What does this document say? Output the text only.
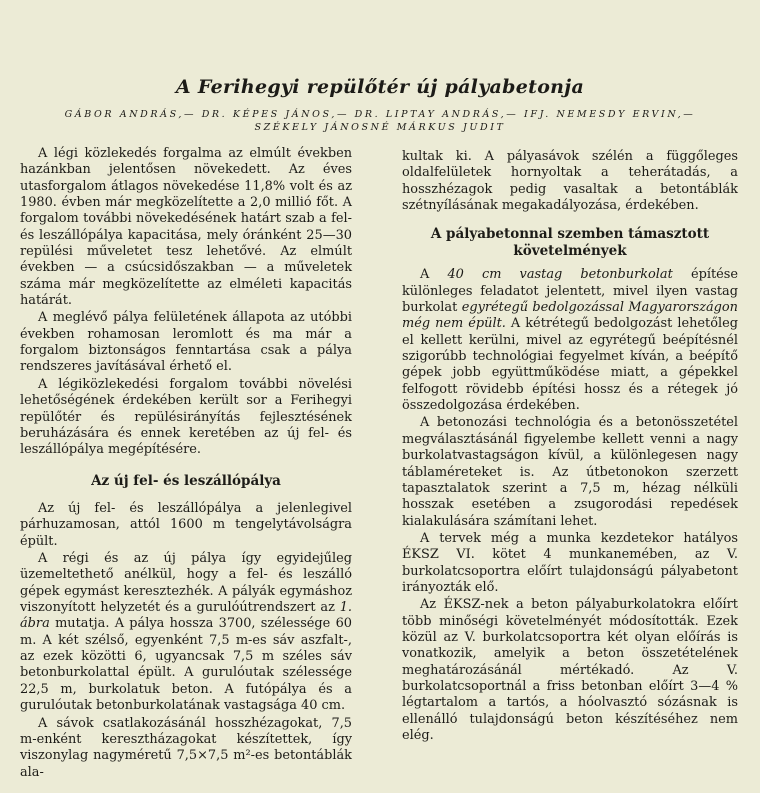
A Ferihegyi repülőtér új pályabetonja
GÁBOR ANDRÁS,— DR. KÉPES JÁNOS,— DR. LIPTAY ANDRÁS,— IFJ. NEMESDY ERVIN,—
SZÉKELY JÁNOSNÉ MÁRKUS JUDIT

A légi közlekedés forgalma az elmúlt években hazánkban jelentősen növekedett. Az éves utasforgalom átlagos növekedése 11,8% volt és az 1980. évben már megközelítette a 2,0 millió főt. A forgalom további növekedésének határt szab a fel- és leszállópálya kapacitása, mely óránként 25—30 repülési műveletet tesz lehetővé. Az elmúlt években — a csúcsidőszakban — a műveletek száma már megközelítette az elméleti kapacitás határát.

A meglévő pálya felületének állapota az utóbbi években rohamosan leromlott és ma már a forgalom biztonságos fenntartása csak a pálya rendszeres javításával érhető el.

A légiközlekedési forgalom további növelési lehetőségének érdekében került sor a Ferihegyi repülőtér és repülésirányítás fejlesztésének beruházására és ennek keretében az új fel- és leszállópálya megépítésére.

Az új fel- és leszállópálya

Az új fel- és leszállópálya a jelenlegivel párhuzamosan, attól 1600 m tengelytávolságra épült.

A régi és az új pálya így egyidejűleg üzemeltethető anélkül, hogy a fel- és leszálló gépek egymást keresztezhék. A pályák egymáshoz viszonyított helyzetét és a gurulóútrendszert az 1. ábra mutatja. A pálya hossza 3700, szélessége 60 m. A két szélső, egyenként 7,5 m-es sáv aszfalt-, az ezek közötti 6, ugyancsak 7,5 m széles sáv betonburkolattal épült. A gurulóutak szélessége 22,5 m, burkolatuk beton. A futópálya és a gurulóutak betonburkolatának vastagsága 40 cm.

A sávok csatlakozásánál hosszhézagokat, 7,5 m-enként keresztházagokat készítettek, így viszonylag nagyméretű 7,5×7,5 m²-es betontáblák ala-

kultak ki. A pályasávok szélén a függőleges oldalfelületek hornyoltak a teherátadás, a hosszhézagok pedig vasaltak a betontáblák szétnyílásának megakadályozása, érdekében.

A pályabetonnal szemben támasztott követelmények

A 40 cm vastag betonburkolat építése különleges feladatot jelentett, mivel ilyen vastag burkolat egyrétegű bedolgozással Magyarországon még nem épült. A kétrétegű bedolgozást lehetőleg el kellett kerülni, mivel az egyrétegű beépítésnél szigorúbb technológiai fegyelmet kíván, a beépítő gépek jobb együttműködése miatt, a gépekkel felfogott rövidebb építési hossz és a rétegek jó összedolgozása érdekében.

A betonozási technológia és a betonösszetétel megválasztásánál figyelembe kellett venni a nagy burkolatvastagságon kívül, a különlegesen nagy táblaméreteket is. Az útbetonokon szerzett tapasztalatok szerint a 7,5 m, hézag nélküli hosszak esetében a zsugorodási repedések kialakulására számítani lehet.

A tervek még a munka kezdetekor hatályos ÉKSZ VI. kötet 4 munkanemében, az V. burkolatcsoportra előírt tulajdonságú pályabetont irányozták elő.

Az ÉKSZ-nek a beton pályaburkolatokra előírt több minőségi követelményét módosították. Ezek közül az V. burkolatcsoportra két olyan előírás is vonatkozik, amelyik a beton összetételének meghatározásánál mértékadó. Az V. burkolatcsoportnál a friss betonban előírt 3—4 % légtartalom a tartós, a hóolvasztó sózásnak is ellenálló tulajdonságú beton készítéséhez nem elég.
